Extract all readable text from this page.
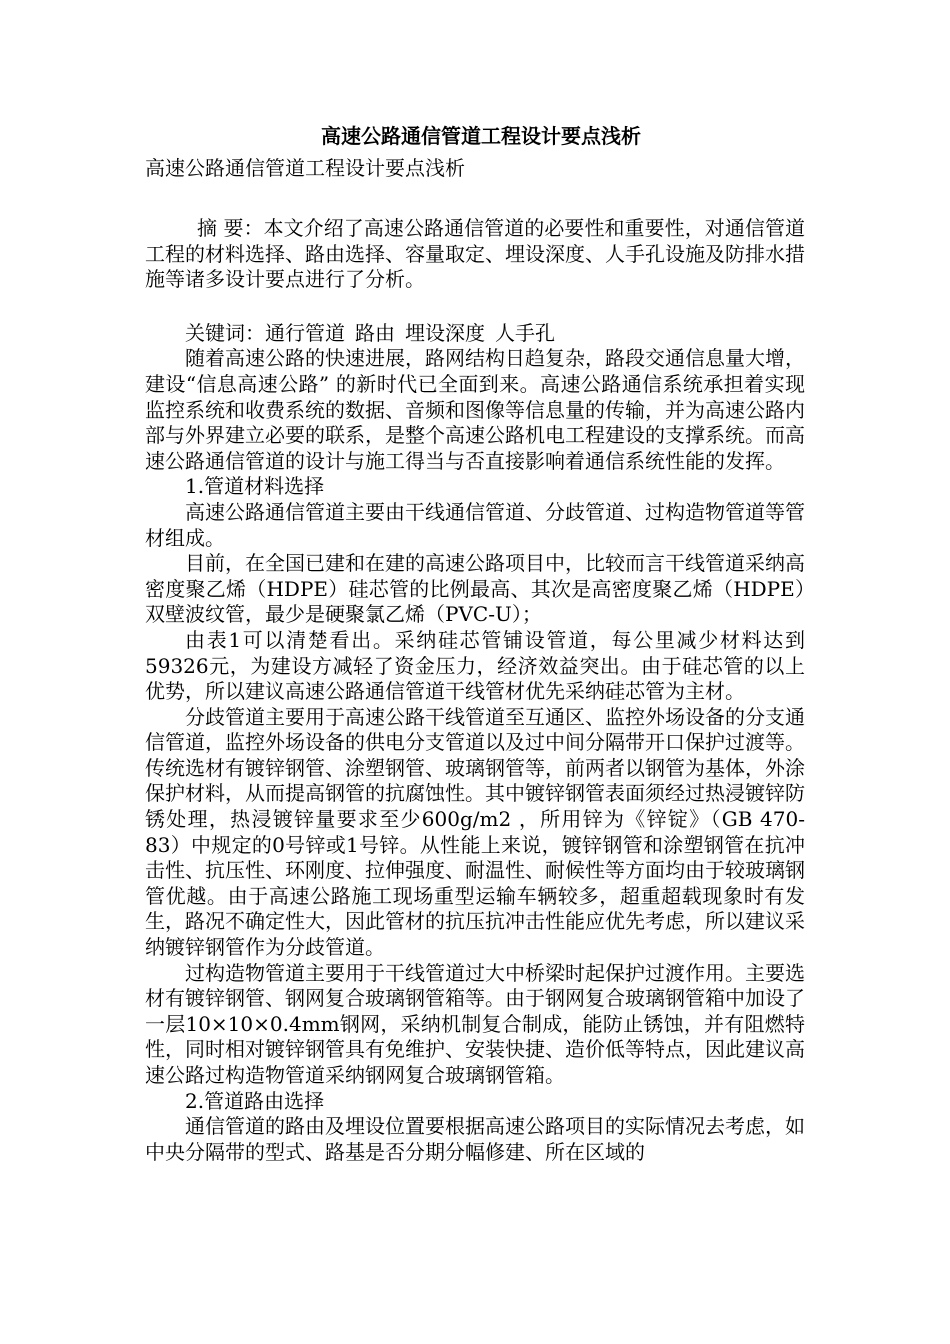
高速公路通信管道工程设计要点浅析

高速公路通信管道工程设计要点浅析

摘 要：本文介绍了高速公路通信管道的必要性和重要性，对通信管道工程的材料选择、路由选择、容量取定、埋设深度、人手孔设施及防排水措施等诸多设计要点进行了分析。

关键词：通行管道 路由 埋设深度 人手孔

随着高速公路的快速进展，路网结构日趋复杂，路段交通信息量大增，建设“信息高速公路” 的新时代已全面到来。高速公路通信系统承担着实现监控系统和收费系统的数据、音频和图像等信息量的传输，并为高速公路内部与外界建立必要的联系，是整个高速公路机电工程建设的支撑系统。而高速公路通信管道的设计与施工得当与否直接影响着通信系统性能的发挥。

1.管道材料选择

高速公路通信管道主要由干线通信管道、分歧管道、过构造物管道等管材组成。

目前，在全国已建和在建的高速公路项目中，比较而言干线管道采纳高密度聚乙烯（HDPE）硅芯管的比例最高、其次是高密度聚乙烯（HDPE）双壁波纹管，最少是硬聚氯乙烯（PVC-U）；

由表1可以清楚看出。采纳硅芯管铺设管道，每公里减少材料达到59326元，为建设方减轻了资金压力，经济效益突出。由于硅芯管的以上优势，所以建议高速公路通信管道干线管材优先采纳硅芯管为主材。

分歧管道主要用于高速公路干线管道至互通区、监控外场设备的分支通信管道，监控外场设备的供电分支管道以及过中间分隔带开口保护过渡等。传统选材有镀锌钢管、涂塑钢管、玻璃钢管等，前两者以钢管为基体，外涂保护材料，从而提高钢管的抗腐蚀性。其中镀锌钢管表面须经过热浸镀锌防锈处理，热浸镀锌量要求至少600g/m2 ，所用锌为《锌锭》（GB 470-83）中规定的0号锌或1号锌。从性能上来说，镀锌钢管和涂塑钢管在抗冲击性、抗压性、环刚度、拉伸强度、耐温性、耐候性等方面均由于较玻璃钢管优越。由于高速公路施工现场重型运输车辆较多，超重超载现象时有发生，路况不确定性大，因此管材的抗压抗冲击性能应优先考虑，所以建议采纳镀锌钢管作为分歧管道。

过构造物管道主要用于干线管道过大中桥梁时起保护过渡作用。主要选材有镀锌钢管、钢网复合玻璃钢管箱等。由于钢网复合玻璃钢管箱中加设了一层10×10×0.4mm钢网，采纳机制复合制成，能防止锈蚀，并有阻燃特性，同时相对镀锌钢管具有免维护、安装快捷、造价低等特点，因此建议高速公路过构造物管道采纳钢网复合玻璃钢管箱。

2.管道路由选择

通信管道的路由及埋设位置要根据高速公路项目的实际情况去考虑，如中央分隔带的型式、路基是否分期分幅修建、所在区域的
